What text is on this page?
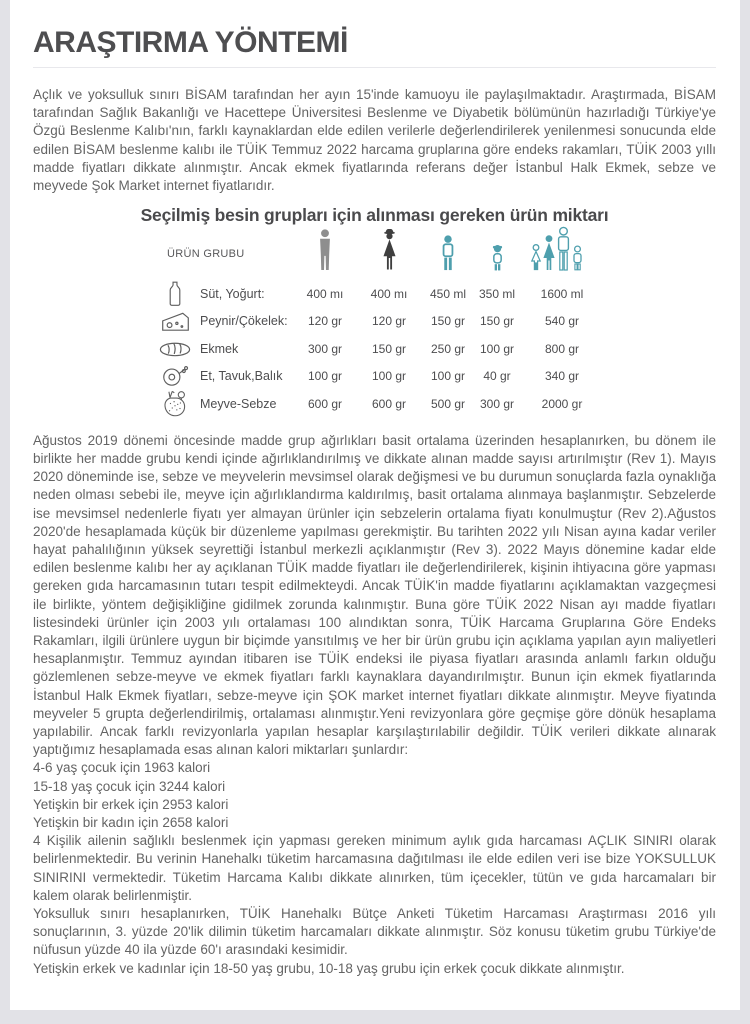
ARAŞTIRMA YÖNTEMİ

Açlık ve yoksulluk sınırı BİSAM tarafından her ayın 15'inde kamuoyu ile paylaşılmaktadır. Araştırmada, BİSAM tarafından Sağlık Bakanlığı ve Hacettepe Üniversitesi Beslenme ve Diyabetik bölümünün hazırladığı Türkiye'ye Özgü Beslenme Kalıbı'nın, farklı kaynaklardan elde edilen verilerle değerlendirilerek yenilenmesi sonucunda elde edilen BİSAM beslenme kalıbı ile TÜİK Temmuz 2022 harcama gruplarına göre endeks rakamları, TÜİK 2003 yıllı madde fiyatları dikkate alınmıştır. Ancak ekmek fiyatlarında referans değer İstanbul Halk Ekmek, sebze ve meyvede Şok Market internet fiyatlarıdır.

Seçilmiş besin grupları için alınması gereken ürün miktarı
ÜRÜN GRUBU
Süt, Yoğurt:	400 mı	400 mı	450 ml	350 ml	1600 ml
Peynir/Çökelek:	120 gr	120 gr	150 gr	150 gr	540 gr
Ekmek	300 gr	150 gr	250 gr	100 gr	800 gr
Et, Tavuk,Balık	100 gr	100 gr	100 gr	40 gr	340 gr
Meyve-Sebze	600 gr	600 gr	500 gr	300 gr	2000 gr

Ağustos 2019 dönemi öncesinde madde grup ağırlıkları basit ortalama üzerinden hesaplanırken, bu dönem ile birlikte her madde grubu kendi içinde ağırlıklandırılmış ve dikkate alınan madde sayısı artırılmıştır (Rev 1). Mayıs 2020 döneminde ise, sebze ve meyvelerin mevsimsel olarak değişmesi ve bu durumun sonuçlarda fazla oynaklığa neden olması sebebi ile, meyve için ağırlıklandırma kaldırılmış, basit ortalama alınmaya başlanmıştır. Sebzelerde ise mevsimsel nedenlerle fiyatı yer almayan ürünler için sebzelerin ortalama fiyatı konulmuştur (Rev 2).Ağustos 2020'de hesaplamada küçük bir düzenleme yapılması gerekmiştir. Bu tarihten 2022 yılı Nisan ayına kadar veriler hayat pahalılığının yüksek seyrettiği İstanbul merkezli açıklanmıştır (Rev 3). 2022 Mayıs dönemine kadar elde edilen beslenme kalıbı her ay açıklanan TÜİK madde fiyatları ile değerlendirilerek, kişinin ihtiyacına göre yapması gereken gıda harcamasının tutarı tespit edilmekteydi. Ancak TÜİK'in madde fiyatlarını açıklamaktan vazgeçmesi ile birlikte, yöntem değişikliğine gidilmek zorunda kalınmıştır. Buna göre TÜİK 2022 Nisan ayı madde fiyatları listesindeki ürünler için 2003 yılı ortalaması 100 alındıktan sonra, TÜİK Harcama Gruplarına Göre Endeks Rakamları, ilgili ürünlere uygun bir biçimde yansıtılmış ve her bir ürün grubu için açıklama yapılan ayın maliyetleri hesaplanmıştır. Temmuz ayından itibaren ise TÜİK endeksi ile piyasa fiyatları arasında anlamlı farkın olduğu gözlemlenen sebze-meyve ve ekmek fiyatları farklı kaynaklara dayandırılmıştır. Bunun için ekmek fiyatlarında İstanbul Halk Ekmek fiyatları, sebze-meyve için ŞOK market internet fiyatları dikkate alınmıştır. Meyve fiyatında meyveler 5 grupta değerlendirilmiş, ortalaması alınmıştır.Yeni revizyonlara göre geçmişe göre dönük hesaplama yapılabilir. Ancak farklı revizyonlarla yapılan hesaplar karşılaştırılabilir değildir. TÜİK verileri dikkate alınarak yaptığımız hesaplamada esas alınan kalori miktarları şunlardır:

4-6 yaş çocuk için 1963 kalori
15-18 yaş çocuk için 3244 kalori
Yetişkin bir erkek için 2953 kalori
Yetişkin bir kadın için 2658 kalori

4 Kişilik ailenin sağlıklı beslenmek için yapması gereken minimum aylık gıda harcaması AÇLIK SINIRI olarak belirlenmektedir. Bu verinin Hanehalkı tüketim harcamasına dağıtılması ile elde edilen veri ise bize YOKSULLUK SINIRINI vermektedir. Tüketim Harcama Kalıbı dikkate alınırken, tüm içecekler, tütün ve gıda harcamaları bir kalem olarak belirlenmiştir.

Yoksulluk sınırı hesaplanırken, TÜİK Hanehalkı Bütçe Anketi Tüketim Harcaması Araştırması 2016 yılı sonuçlarının, 3. yüzde 20'lik dilimin tüketim harcamaları dikkate alınmıştır. Söz konusu tüketim grubu Türkiye'de nüfusun yüzde 40 ila yüzde 60'ı arasındaki kesimidir.

Yetişkin erkek ve kadınlar için 18-50 yaş grubu, 10-18 yaş grubu için erkek çocuk dikkate alınmıştır.
